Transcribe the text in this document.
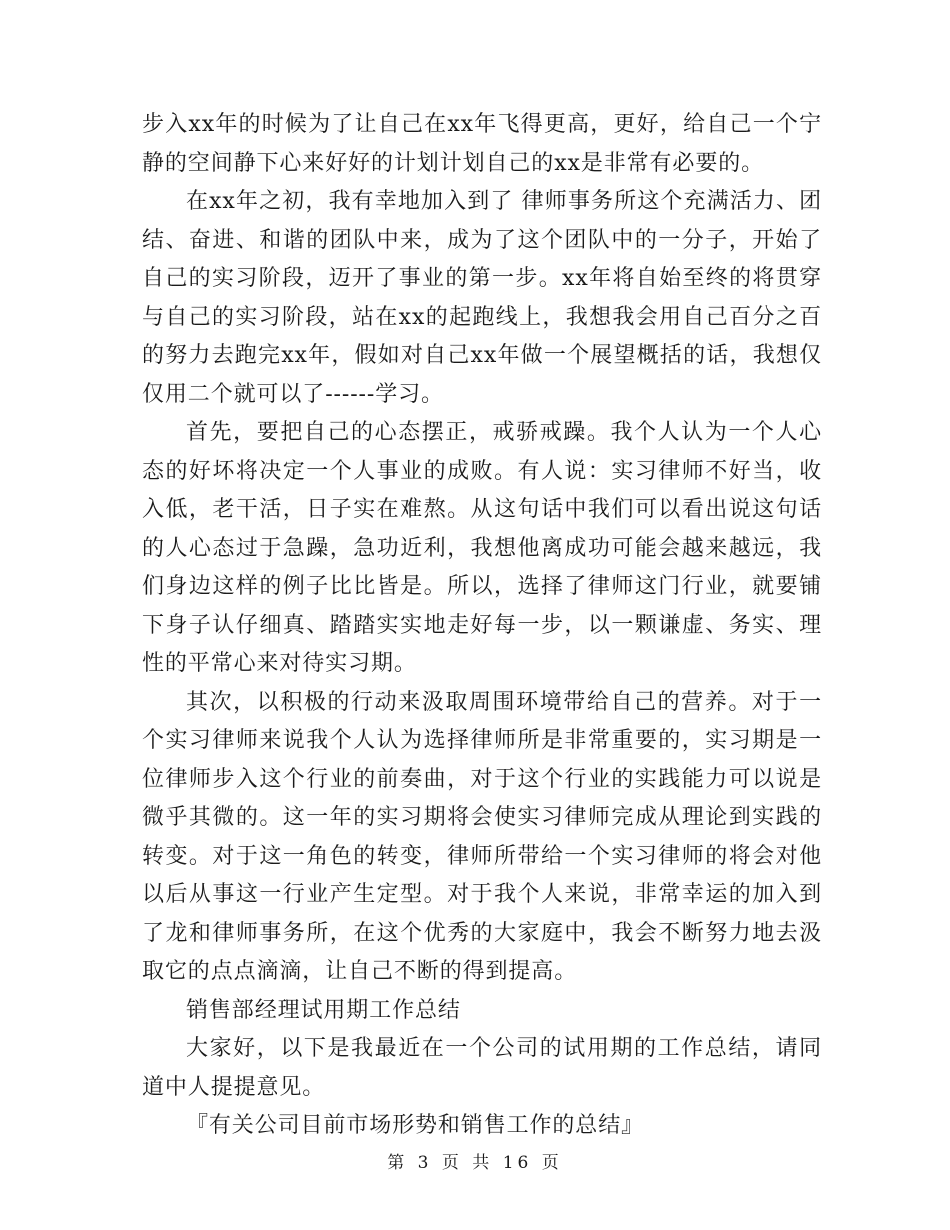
步入xx年的时候为了让自己在xx年飞得更高，更好，给自己一个宁静的空间静下心来好好的计划计划自己的xx是非常有必要的。

在xx年之初，我有幸地加入到了 律师事务所这个充满活力、团结、奋进、和谐的团队中来，成为了这个团队中的一分子，开始了自己的实习阶段，迈开了事业的第一步。xx年将自始至终的将贯穿与自己的实习阶段，站在xx的起跑线上，我想我会用自己百分之百的努力去跑完xx年，假如对自己xx年做一个展望概括的话，我想仅仅用二个就可以了------学习。

首先，要把自己的心态摆正，戒骄戒躁。我个人认为一个人心态的好坏将决定一个人事业的成败。有人说：实习律师不好当，收入低，老干活，日子实在难熬。从这句话中我们可以看出说这句话的人心态过于急躁，急功近利，我想他离成功可能会越来越远，我们身边这样的例子比比皆是。所以，选择了律师这门行业，就要铺下身子认仔细真、踏踏实实地走好每一步，以一颗谦虚、务实、理性的平常心来对待实习期。

其次，以积极的行动来汲取周围环境带给自己的营养。对于一个实习律师来说我个人认为选择律师所是非常重要的，实习期是一位律师步入这个行业的前奏曲，对于这个行业的实践能力可以说是微乎其微的。这一年的实习期将会使实习律师完成从理论到实践的转变。对于这一角色的转变，律师所带给一个实习律师的将会对他以后从事这一行业产生定型。对于我个人来说，非常幸运的加入到了龙和律师事务所，在这个优秀的大家庭中，我会不断努力地去汲取它的点点滴滴，让自己不断的得到提高。

销售部经理试用期工作总结

大家好，以下是我最近在一个公司的试用期的工作总结，请同道中人提提意见。

『有关公司目前市场形势和销售工作的总结』

第 3 页 共 16 页
